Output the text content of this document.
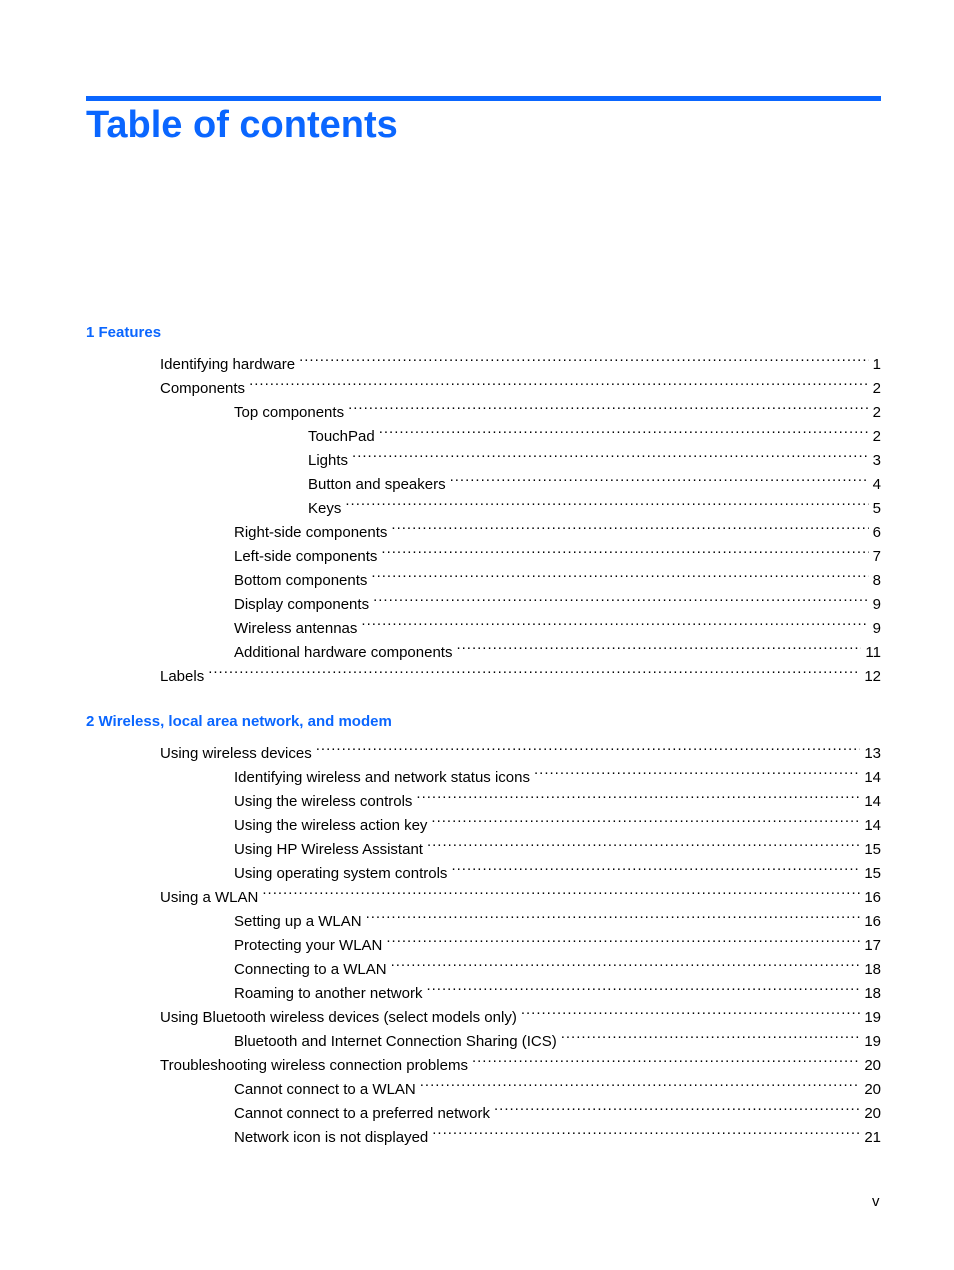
Table of contents
1 Features
Identifying hardware .....	1
Components .....	2
Top components .....	2
TouchPad .....	2
Lights .....	3
Button and speakers .....	4
Keys .....	5
Right-side components .....	6
Left-side components .....	7
Bottom components .....	8
Display components .....	9
Wireless antennas .....	9
Additional hardware components .....	11
Labels .....	12
2 Wireless, local area network, and modem
Using wireless devices .....	13
Identifying wireless and network status icons .....	14
Using the wireless controls .....	14
Using the wireless action key .....	14
Using HP Wireless Assistant .....	15
Using operating system controls .....	15
Using a WLAN .....	16
Setting up a WLAN .....	16
Protecting your WLAN .....	17
Connecting to a WLAN .....	18
Roaming to another network .....	18
Using Bluetooth wireless devices (select models only) .....	19
Bluetooth and Internet Connection Sharing (ICS) .....	19
Troubleshooting wireless connection problems .....	20
Cannot connect to a WLAN .....	20
Cannot connect to a preferred network .....	20
Network icon is not displayed .....	21
v
